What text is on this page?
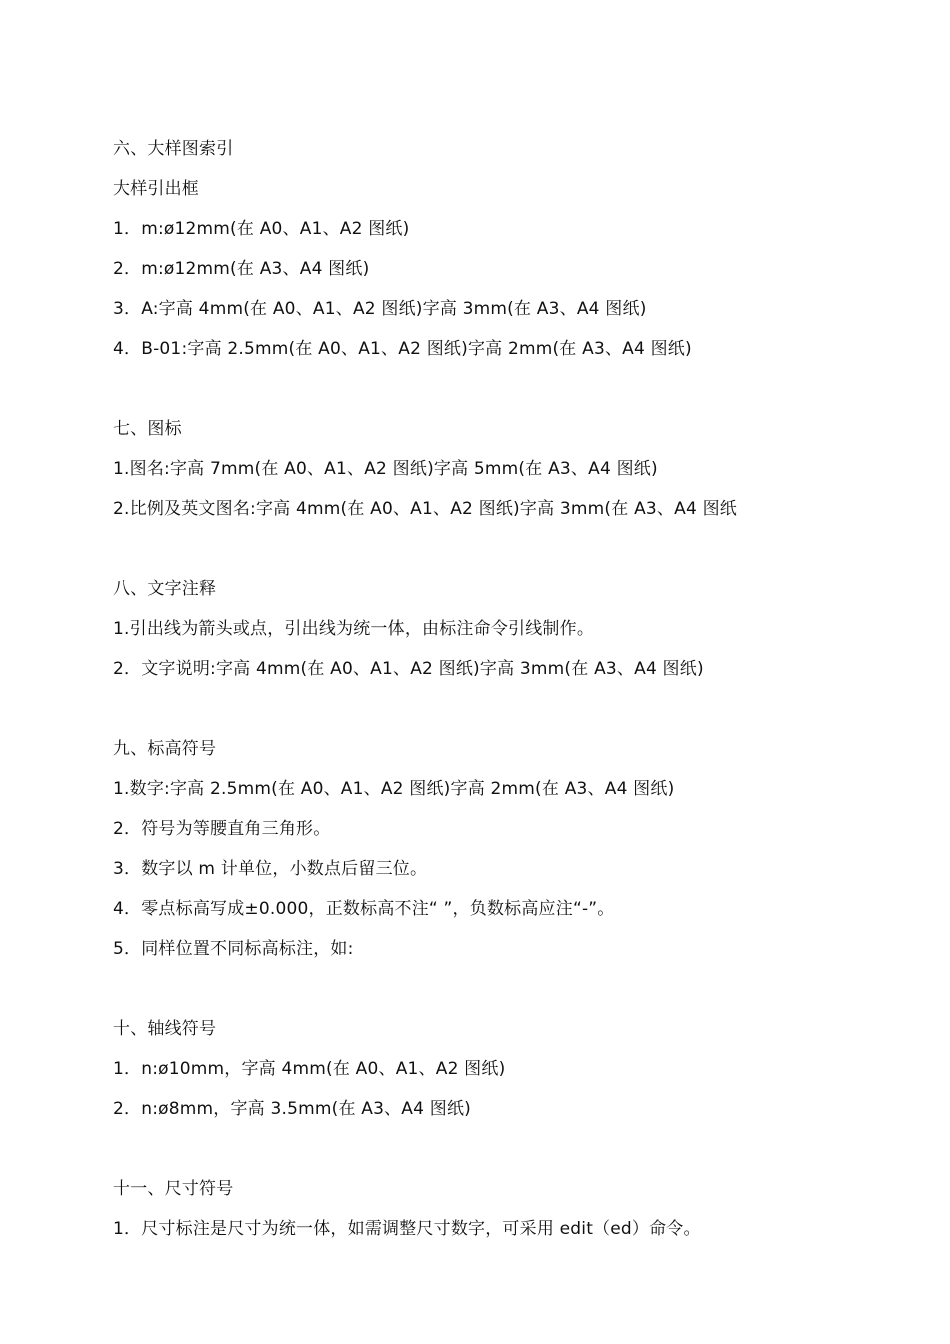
六、大样图索引
大样引出框
1．m:ø12mm(在 A0、A1、A2 图纸)
2．m:ø12mm(在 A3、A4 图纸)
3．A:字高 4mm(在 A0、A1、A2 图纸)字高 3mm(在 A3、A4 图纸)
4．B-01:字高 2.5mm(在 A0、A1、A2 图纸)字高 2mm(在 A3、A4 图纸)
七、图标
1.图名:字高 7mm(在 A0、A1、A2 图纸)字高 5mm(在 A3、A4 图纸)
2.比例及英文图名:字高 4mm(在 A0、A1、A2 图纸)字高 3mm(在 A3、A4 图纸
八、文字注释
1.引出线为箭头或点，引出线为统一体，由标注命令引线制作。
2．文字说明:字高 4mm(在 A0、A1、A2 图纸)字高 3mm(在 A3、A4 图纸)
九、标高符号
1.数字:字高 2.5mm(在 A0、A1、A2 图纸)字高 2mm(在 A3、A4 图纸)
2．符号为等腰直角三角形。
3．数字以 m 计单位，小数点后留三位。
4．零点标高写成±0.000，正数标高不注“ ”，负数标高应注“-”。
5．同样位置不同标高标注，如:
十、轴线符号
1．n:ø10mm，字高 4mm(在 A0、A1、A2 图纸)
2．n:ø8mm，字高 3.5mm(在 A3、A4 图纸)
十一、尺寸符号
1．尺寸标注是尺寸为统一体，如需调整尺寸数字，可采用 edit（ed）命令。
